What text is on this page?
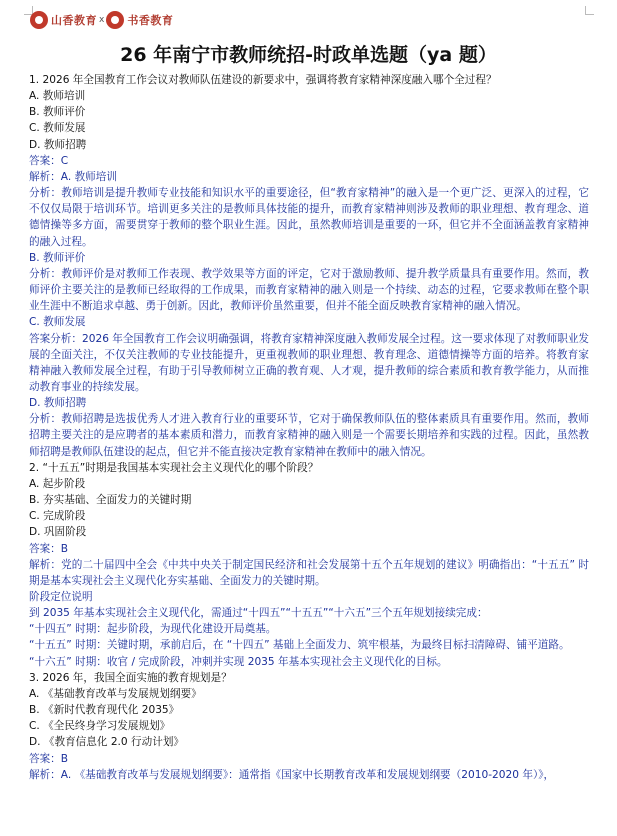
山香教育 x 书香教育
26 年南宁市教师统招-时政单选题（ya 题）
1. 2026 年全国教育工作会议对教师队伍建设的新要求中，强调将教育家精神深度融入哪个全过程？
A. 教师培训
B. 教师评价
C. 教师发展
D. 教师招聘
答案：C
解析：A. 教师培训
分析：教师培训是提升教师专业技能和知识水平的重要途径，但“教育家精神”的融入是一个更广泛、更深入的过程，它不仅仅局限于培训环节。培训更多关注的是教师具体技能的提升，而教育家精神则涉及教师的职业理想、教育理念、道德情操等多方面，需要贯穿于教师的整个职业生涯。因此，虽然教师培训是重要的一环，但它并不全面涵盖教育家精神的融入过程。
B. 教师评价
分析：教师评价是对教师工作表现、教学效果等方面的评定，它对于激励教师、提升教学质量具有重要作用。然而，教师评价主要关注的是教师已经取得的工作成果，而教育家精神的融入则是一个持续、动态的过程，它要求教师在整个职业生涯中不断追求卓越、勇于创新。因此，教师评价虽然重要，但并不能全面反映教育家精神的融入情况。
C. 教师发展
答案分析：2026 年全国教育工作会议明确强调，将教育家精神深度融入教师发展全过程。这一要求体现了对教师职业发展的全面关注，不仅关注教师的专业技能提升，更重视教师的职业理想、教育理念、道德情操等方面的培养。将教育家精神融入教师发展全过程，有助于引导教师树立正确的教育观、人才观，提升教师的综合素质和教育教学能力，从而推动教育事业的持续发展。
D. 教师招聘
分析：教师招聘是选拔优秀人才进入教育行业的重要环节，它对于确保教师队伍的整体素质具有重要作用。然而，教师招聘主要关注的是应聘者的基本素质和潜力，而教育家精神的融入则是一个需要长期培养和实践的过程。因此，虽然教师招聘是教师队伍建设的起点，但它并不能直接决定教育家精神在教师中的融入情况。
2. “十五五”时期是我国基本实现社会主义现代化的哪个阶段？
A. 起步阶段
B. 夯实基础、全面发力的关键时期
C. 完成阶段
D. 巩固阶段
答案：B
解析：党的二十届四中全会《中共中央关于制定国民经济和社会发展第十五个五年规划的建议》明确指出：“十五五” 时期是基本实现社会主义现代化夯实基础、全面发力的关键时期。
阶段定位说明
到 2035 年基本实现社会主义现代化，需通过“十四五”“十五五”“十六五”三个五年规划接续完成：
“十四五” 时期：起步阶段，为现代化建设开局奠基。
“十五五” 时期：关键时期，承前启后，在 “十四五” 基础上全面发力、筑牢根基，为最终目标扫清障碍、铺平道路。
“十六五” 时期：收官 / 完成阶段，冲刺并实现 2035 年基本实现社会主义现代化的目标。
3. 2026 年，我国全面实施的教育规划是？
A. 《基础教育改革与发展规划纲要》
B. 《新时代教育现代化 2035》
C. 《全民终身学习发展规划》
D. 《教育信息化 2.0 行动计划》
答案：B
解析：A. 《基础教育改革与发展规划纲要》：通常指《国家中长期教育改革和发展规划纲要（2010-2020 年）》，
